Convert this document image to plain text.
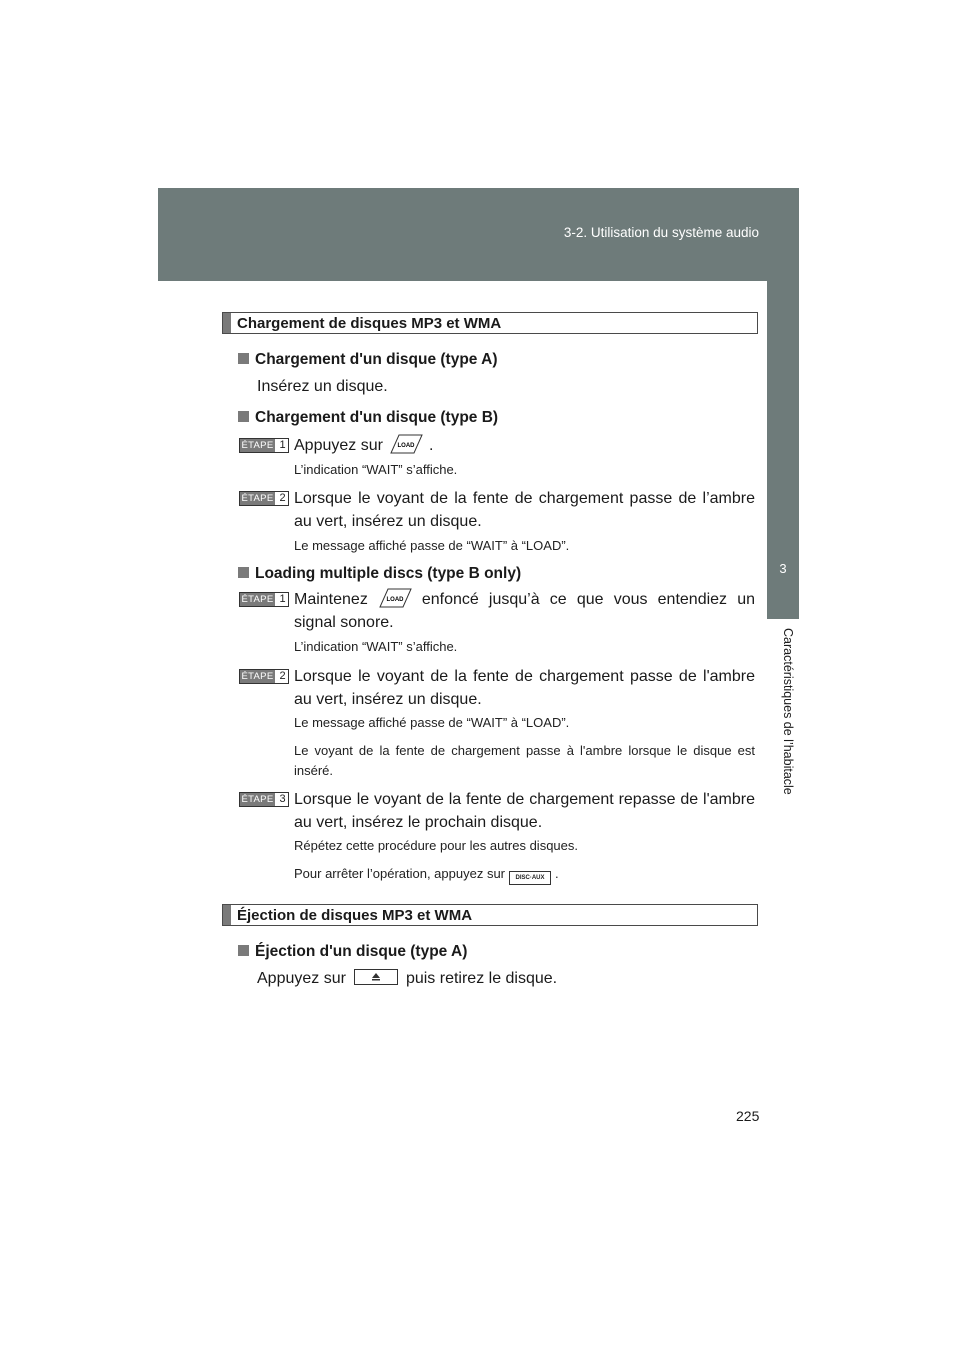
3-2. Utilisation du système audio
3
Caractéristiques de l’habitacle
Chargement de disques MP3 et WMA
Chargement d'un disque (type A)
Insérez un disque.
Chargement d'un disque (type B)
ÉTAPE 1 Appuyez sur LOAD .
L’indication “WAIT” s’affiche.
ÉTAPE 2 Lorsque le voyant de la fente de chargement passe de l’ambre au vert, insérez un disque.
Le message affiché passe de “WAIT” à “LOAD”.
Loading multiple discs (type B only)
ÉTAPE 1 Maintenez	LOAD enfoncé jusqu’à ce que vous entendiez un signal sonore.
L’indication “WAIT” s’affiche.
ÉTAPE 2 Lorsque le voyant de la fente de chargement passe de l'ambre au vert, insérez un disque.
Le message affiché passe de “WAIT” à “LOAD”.
Le voyant de la fente de chargement passe à l'ambre lorsque le disque est inséré.
ÉTAPE 3 Lorsque le voyant de la fente de chargement repasse de l'ambre au vert, insérez le prochain disque.
Répétez cette procédure pour les autres disques.
Pour arrêter l’opération, appuyez sur DISC·AUX .
Éjection de disques MP3 et WMA
Éjection d'un disque (type A)
Appuyez sur	puis retirez le disque.
225
